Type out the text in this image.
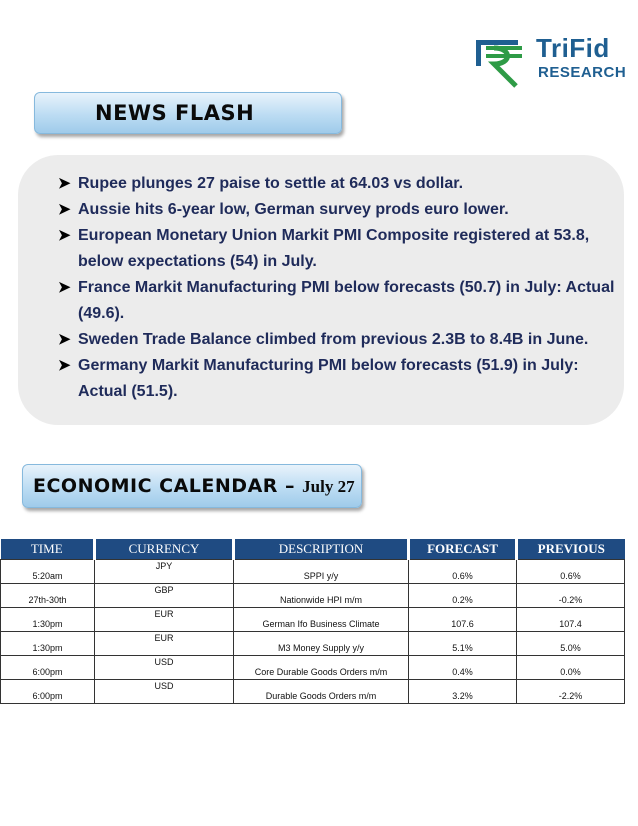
TriFid
RESEARCH
NEWS FLASH
➤ Rupee plunges 27 paise to settle at 64.03 vs dollar.
➤ Aussie hits 6-year low, German survey prods euro lower.
➤ European Monetary Union Markit PMI Composite registered at 53.8, below expectations (54) in July.
➤ France Markit Manufacturing PMI below forecasts (50.7) in July: Actual (49.6).
➤ Sweden Trade Balance climbed from previous 2.3B to 8.4B in June.
➤ Germany Markit Manufacturing PMI below forecasts (51.9) in July: Actual (51.5).
ECONOMIC CALENDAR – July 27
TIME	CURRENCY	DESCRIPTION	FORECAST	PREVIOUS
5:20am	JPY	SPPI y/y	0.6%	0.6%
27th-30th	GBP	Nationwide HPI m/m	0.2%	-0.2%
1:30pm	EUR	German Ifo Business Climate	107.6	107.4
1:30pm	EUR	M3 Money Supply y/y	5.1%	5.0%
6:00pm	USD	Core Durable Goods Orders m/m	0.4%	0.0%
6:00pm	USD	Durable Goods Orders m/m	3.2%	-2.2%
